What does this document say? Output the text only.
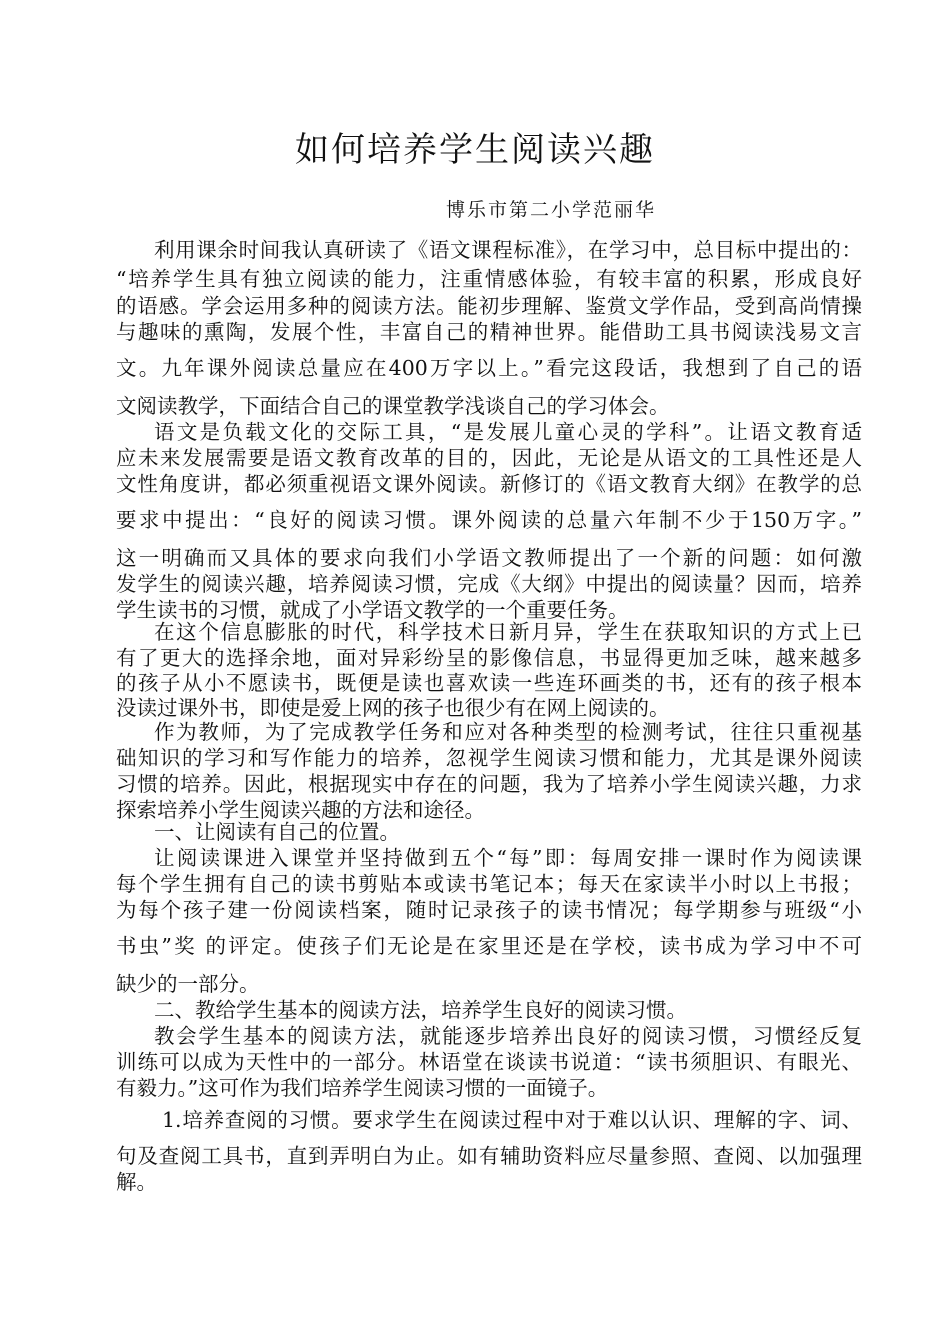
如何培养学生阅读兴趣

博乐市第二小学范丽华

利用课余时间我认真研读了《语文课程标准》，在学习中，总目标中提出的：

“培养学生具有独立阅读的能力，注重情感体验，有较丰富的积累，形成良好

的语感。学会运用多种的阅读方法。能初步理解、鉴赏文学作品，受到高尚情操

与趣味的熏陶，发展个性，丰富自己的精神世界。能借助工具书阅读浅易文言

文。九年课外阅读总量应在400万字以上。”看完这段话，我想到了自己的语

文阅读教学，下面结合自己的课堂教学浅谈自己的学习体会。

语文是负载文化的交际工具，“是发展儿童心灵的学科”。让语文教育适

应未来发展需要是语文教育改革的目的，因此，无论是从语文的工具性还是人

文性角度讲，都必须重视语文课外阅读。新修订的《语文教育大纲》在教学的总

要求中提出：“良好的阅读习惯。课外阅读的总量六年制不少于150万字。”

这一明确而又具体的要求向我们小学语文教师提出了一个新的问题：如何激

发学生的阅读兴趣，培养阅读习惯，完成《大纲》中提出的阅读量？因而，培养

学生读书的习惯，就成了小学语文教学的一个重要任务。

在这个信息膨胀的时代，科学技术日新月异，学生在获取知识的方式上已

有了更大的选择余地，面对异彩纷呈的影像信息，书显得更加乏味，越来越多

的孩子从小不愿读书，既便是读也喜欢读一些连环画类的书，还有的孩子根本

没读过课外书，即使是爱上网的孩子也很少有在网上阅读的。

作为教师，为了完成教学任务和应对各种类型的检测考试，往往只重视基

础知识的学习和写作能力的培养，忽视学生阅读习惯和能力，尤其是课外阅读

习惯的培养。因此，根据现实中存在的问题，我为了培养小学生阅读兴趣，力求

探索培养小学生阅读兴趣的方法和途径。

一、让阅读有自己的位置。

让阅读课进入课堂并坚持做到五个“每”即：每周安排一课时作为阅读课

每个学生拥有自己的读书剪贴本或读书笔记本；每天在家读半小时以上书报；

为每个孩子建一份阅读档案，随时记录孩子的读书情况；每学期参与班级“小

书虫”奖 的评定。使孩子们无论是在家里还是在学校，读书成为学习中不可

缺少的一部分。

二、教给学生基本的阅读方法，培养学生良好的阅读习惯。

教会学生基本的阅读方法，就能逐步培养出良好的阅读习惯，习惯经反复

训练可以成为天性中的一部分。林语堂在谈读书说道：“读书须胆识、有眼光、

有毅力。”这可作为我们培养学生阅读习惯的一面镜子。

1.培养查阅的习惯。要求学生在阅读过程中对于难以认识、理解的字、词、

句及查阅工具书，直到弄明白为止。如有辅助资料应尽量参照、查阅、以加强理

解。
